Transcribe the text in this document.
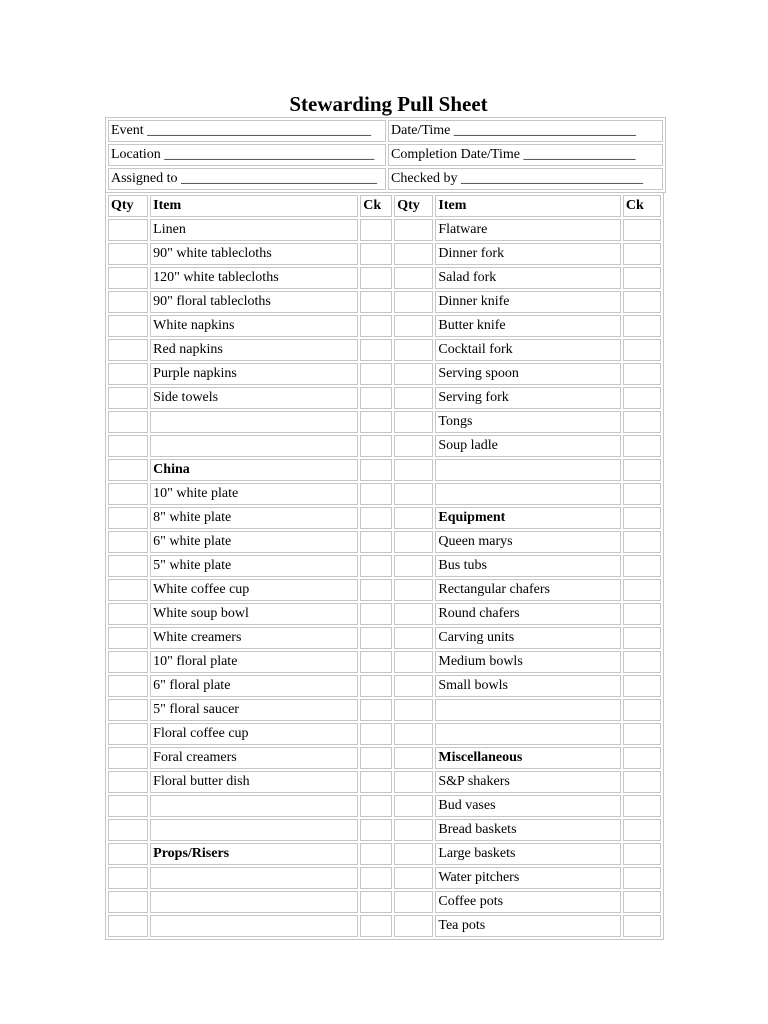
Stewarding Pull Sheet
Event ________________________________	Date/Time __________________________
Location ______________________________	Completion Date/Time ________________
Assigned to ____________________________	Checked by __________________________
Qty	Item	Ck	Qty	Item	Ck
	Linen			Flatware	
	90" white tablecloths			Dinner fork	
	120" white tablecloths			Salad fork	
	90" floral tablecloths			Dinner knife	
	White napkins			Butter knife	
	Red napkins			Cocktail fork	
	Purple napkins			Serving spoon	
	Side towels			Serving fork	
				Tongs	
				Soup ladle	
	China				
	10" white plate				
	8" white plate			Equipment	
	6" white plate			Queen marys	
	5" white plate			Bus tubs	
	White coffee cup			Rectangular chafers	
	White soup bowl			Round chafers	
	White creamers			Carving units	
	10" floral plate			Medium bowls	
	6" floral plate			Small bowls	
	5" floral saucer				
	Floral coffee cup				
	Foral creamers			Miscellaneous	
	Floral butter dish			S&P shakers	
				Bud vases	
				Bread baskets	
	Props/Risers			Large baskets	
				Water pitchers	
				Coffee pots	
				Tea pots	
